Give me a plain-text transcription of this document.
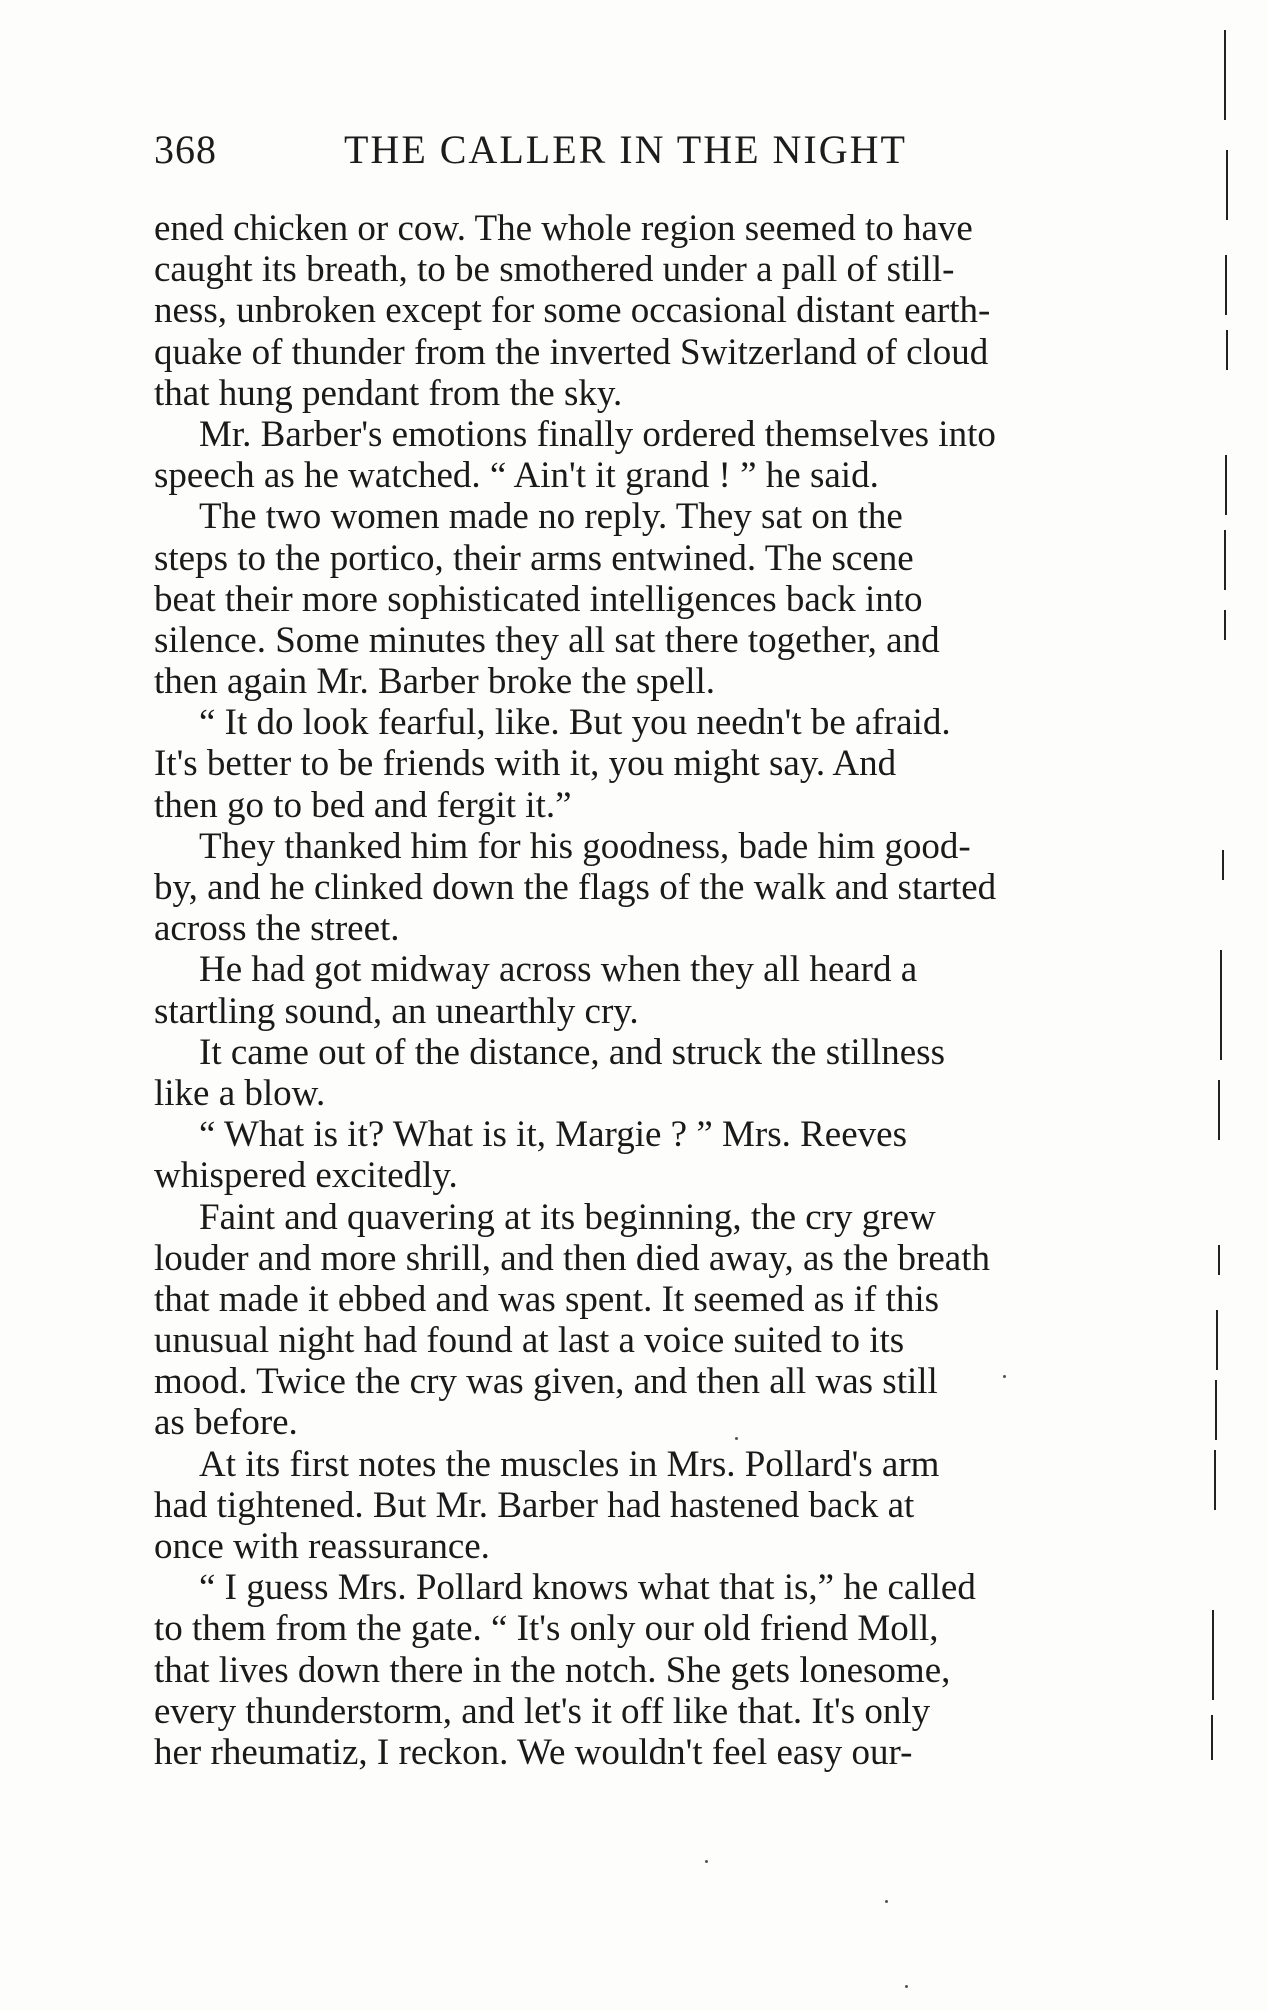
368	THE CALLER IN THE NIGHT
ened chicken or cow. The whole region seemed to have
caught its breath, to be smothered under a pall of still-
ness, unbroken except for some occasional distant earth-
quake of thunder from the inverted Switzerland of cloud
that hung pendant from the sky.
Mr. Barber's emotions finally ordered themselves into
speech as he watched. “ Ain't it grand ! ” he said.
The two women made no reply. They sat on the
steps to the portico, their arms entwined. The scene
beat their more sophisticated intelligences back into
silence. Some minutes they all sat there together, and
then again Mr. Barber broke the spell.
“ It do look fearful, like. But you needn't be afraid.
It's better to be friends with it, you might say. And
then go to bed and fergit it.”
They thanked him for his goodness, bade him good-
by, and he clinked down the flags of the walk and started
across the street.
He had got midway across when they all heard a
startling sound, an unearthly cry.
It came out of the distance, and struck the stillness
like a blow.
“ What is it? What is it, Margie ? ” Mrs. Reeves
whispered excitedly.
Faint and quavering at its beginning, the cry grew
louder and more shrill, and then died away, as the breath
that made it ebbed and was spent. It seemed as if this
unusual night had found at last a voice suited to its
mood. Twice the cry was given, and then all was still
as before.
At its first notes the muscles in Mrs. Pollard's arm
had tightened. But Mr. Barber had hastened back at
once with reassurance.
“ I guess Mrs. Pollard knows what that is,” he called
to them from the gate. “ It's only our old friend Moll,
that lives down there in the notch. She gets lonesome,
every thunderstorm, and let's it off like that. It's only
her rheumatiz, I reckon. We wouldn't feel easy our-
